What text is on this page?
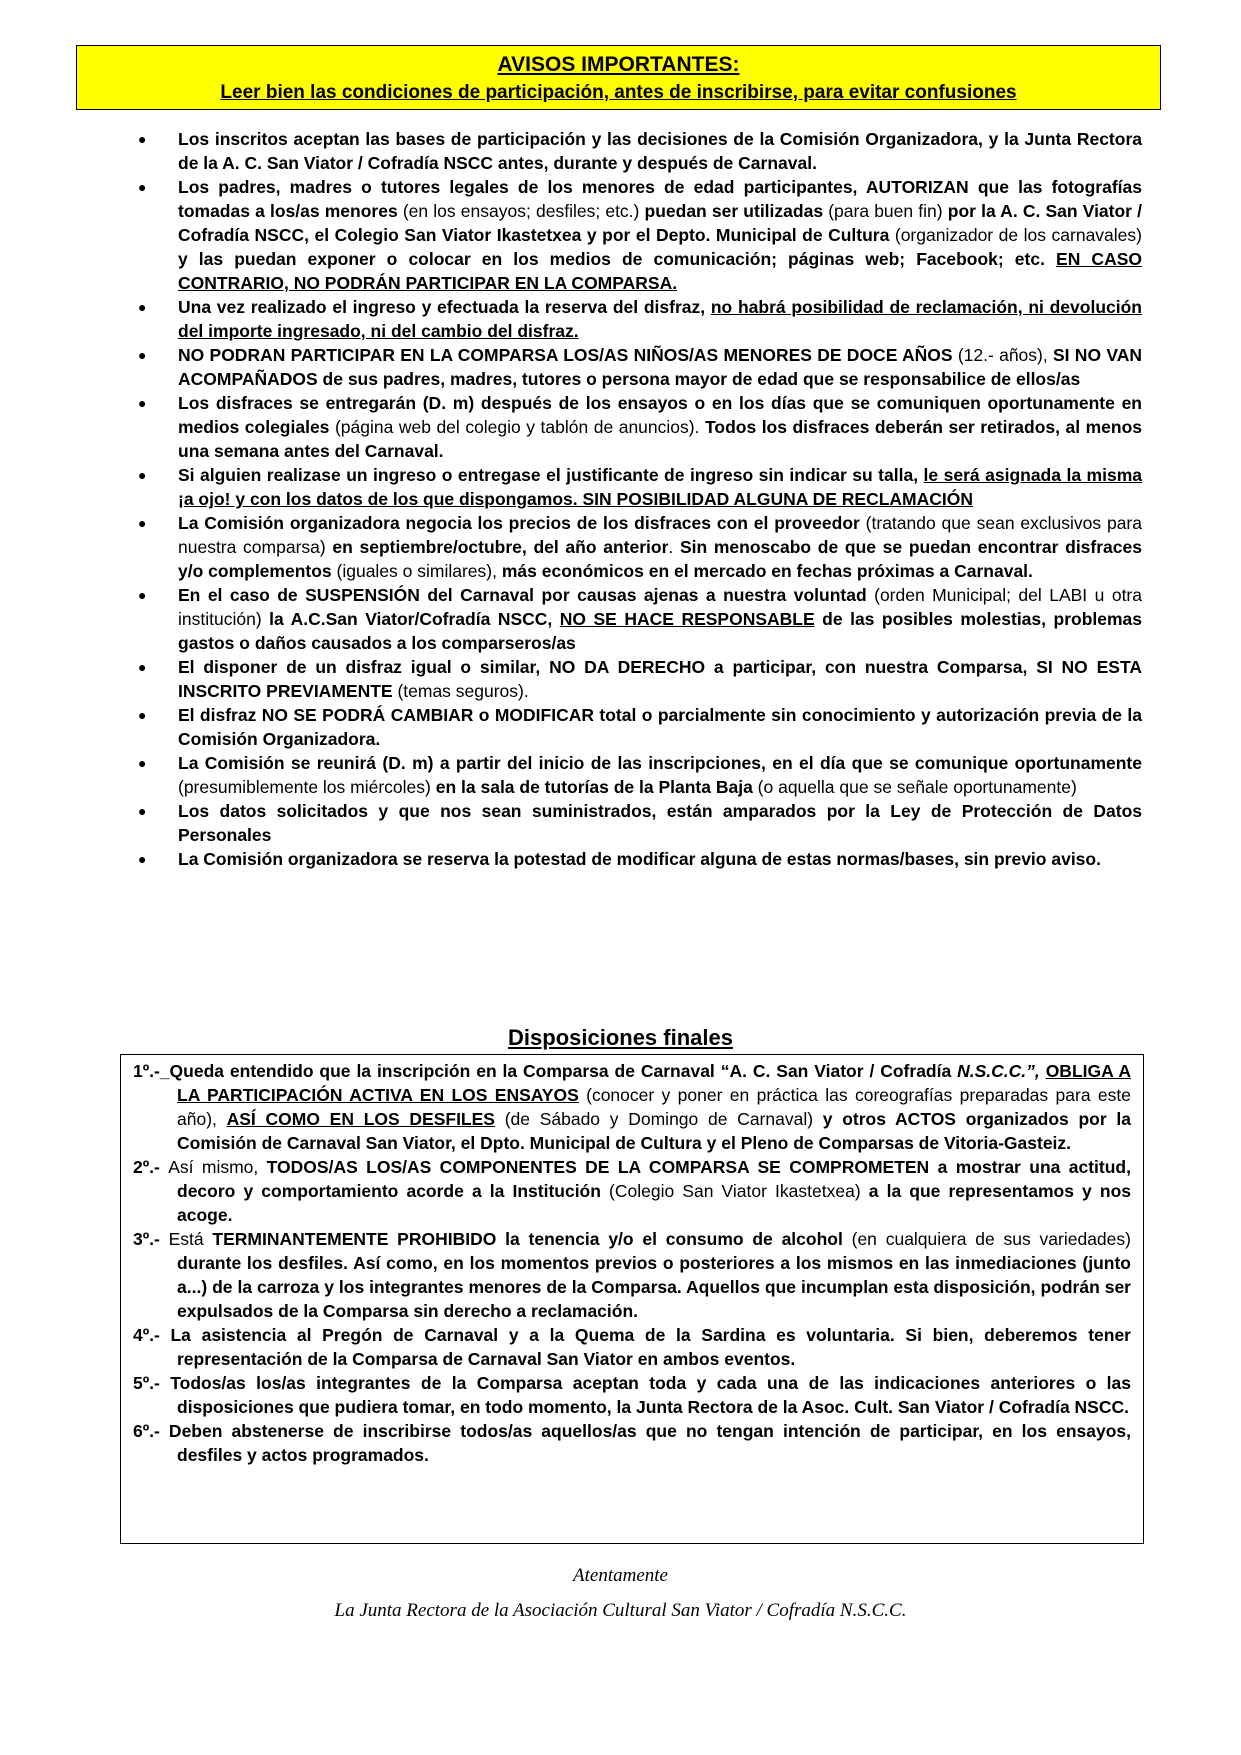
AVISOS IMPORTANTES:
Leer bien las condiciones de participación, antes de inscribirse, para evitar confusiones
● Los inscritos aceptan las bases de participación y las decisiones de la Comisión Organizadora, y la Junta Rectora de la A. C. San Viator / Cofradía NSCC antes, durante y después de Carnaval.
● Los padres, madres o tutores legales de los menores de edad participantes, AUTORIZAN que las fotografías tomadas a los/as menores (en los ensayos; desfiles; etc.) puedan ser utilizadas (para buen fin) por la A. C. San Viator / Cofradía NSCC, el Colegio San Viator Ikastetxea y por el Depto. Municipal de Cultura (organizador de los carnavales) y las puedan exponer o colocar en los medios de comunicación; páginas web; Facebook; etc. EN CASO CONTRARIO, NO PODRÁN PARTICIPAR EN LA COMPARSA.
● Una vez realizado el ingreso y efectuada la reserva del disfraz, no habrá posibilidad de reclamación, ni devolución del importe ingresado, ni del cambio del disfraz.
● NO PODRAN PARTICIPAR EN LA COMPARSA LOS/AS NIÑOS/AS MENORES DE DOCE AÑOS (12.- años), SI NO VAN ACOMPAÑADOS de sus padres, madres, tutores o persona mayor de edad que se responsabilice de ellos/as
● Los disfraces se entregarán (D. m) después de los ensayos o en los días que se comuniquen oportunamente en medios colegiales (página web del colegio y tablón de anuncios). Todos los disfraces deberán ser retirados, al menos una semana antes del Carnaval.
● Si alguien realizase un ingreso o entregase el justificante de ingreso sin indicar su talla, le será asignada la misma ¡a ojo! y con los datos de los que dispongamos. SIN POSIBILIDAD ALGUNA DE RECLAMACIÓN
● La Comisión organizadora negocia los precios de los disfraces con el proveedor (tratando que sean exclusivos para nuestra comparsa) en septiembre/octubre, del año anterior. Sin menoscabo de que se puedan encontrar disfraces y/o complementos (iguales o similares), más económicos en el mercado en fechas próximas a Carnaval.
● En el caso de SUSPENSIÓN del Carnaval por causas ajenas a nuestra voluntad (orden Municipal; del LABI u otra institución) la A.C.San Viator/Cofradía NSCC, NO SE HACE RESPONSABLE de las posibles molestias, problemas gastos o daños causados a los comparseros/as
● El disponer de un disfraz igual o similar, NO DA DERECHO a participar, con nuestra Comparsa, SI NO ESTA INSCRITO PREVIAMENTE (temas seguros).
● El disfraz NO SE PODRÁ CAMBIAR o MODIFICAR total o parcialmente sin conocimiento y autorización previa de la Comisión Organizadora.
● La Comisión se reunirá (D. m) a partir del inicio de las inscripciones, en el día que se comunique oportunamente (presumiblemente los miércoles) en la sala de tutorías de la Planta Baja (o aquella que se señale oportunamente)
● Los datos solicitados y que nos sean suministrados, están amparados por la Ley de Protección de Datos Personales
● La Comisión organizadora se reserva la potestad de modificar alguna de estas normas/bases, sin previo aviso.
Disposiciones finales
1º.-_Queda entendido que la inscripción en la Comparsa de Carnaval “A. C. San Viator / Cofradía N.S.C.C.”, OBLIGA A LA PARTICIPACIÓN ACTIVA EN LOS ENSAYOS (conocer y poner en práctica las coreografías preparadas para este año), ASÍ COMO EN LOS DESFILES (de Sábado y Domingo de Carnaval) y otros ACTOS organizados por la Comisión de Carnaval San Viator, el Dpto. Municipal de Cultura y el Pleno de Comparsas de Vitoria-Gasteiz.
2º.- Así mismo, TODOS/AS LOS/AS COMPONENTES DE LA COMPARSA SE COMPROMETEN a mostrar una actitud, decoro y comportamiento acorde a la Institución (Colegio San Viator Ikastetxea) a la que representamos y nos acoge.
3º.- Está TERMINANTEMENTE PROHIBIDO la tenencia y/o el consumo de alcohol (en cualquiera de sus variedades) durante los desfiles. Así como, en los momentos previos o posteriores a los mismos en las inmediaciones (junto a...) de la carroza y los integrantes menores de la Comparsa. Aquellos que incumplan esta disposición, podrán ser expulsados de la Comparsa sin derecho a reclamación.
4º.- La asistencia al Pregón de Carnaval y a la Quema de la Sardina es voluntaria. Si bien, deberemos tener representación de la Comparsa de Carnaval San Viator en ambos eventos.
5º.- Todos/as los/as integrantes de la Comparsa aceptan toda y cada una de las indicaciones anteriores o las disposiciones que pudiera tomar, en todo momento, la Junta Rectora de la Asoc. Cult. San Viator / Cofradía NSCC.
6º.- Deben abstenerse de inscribirse todos/as aquellos/as que no tengan intención de participar, en los ensayos, desfiles y actos programados.
Atentamente
La Junta Rectora de la Asociación Cultural San Viator / Cofradía N.S.C.C.
